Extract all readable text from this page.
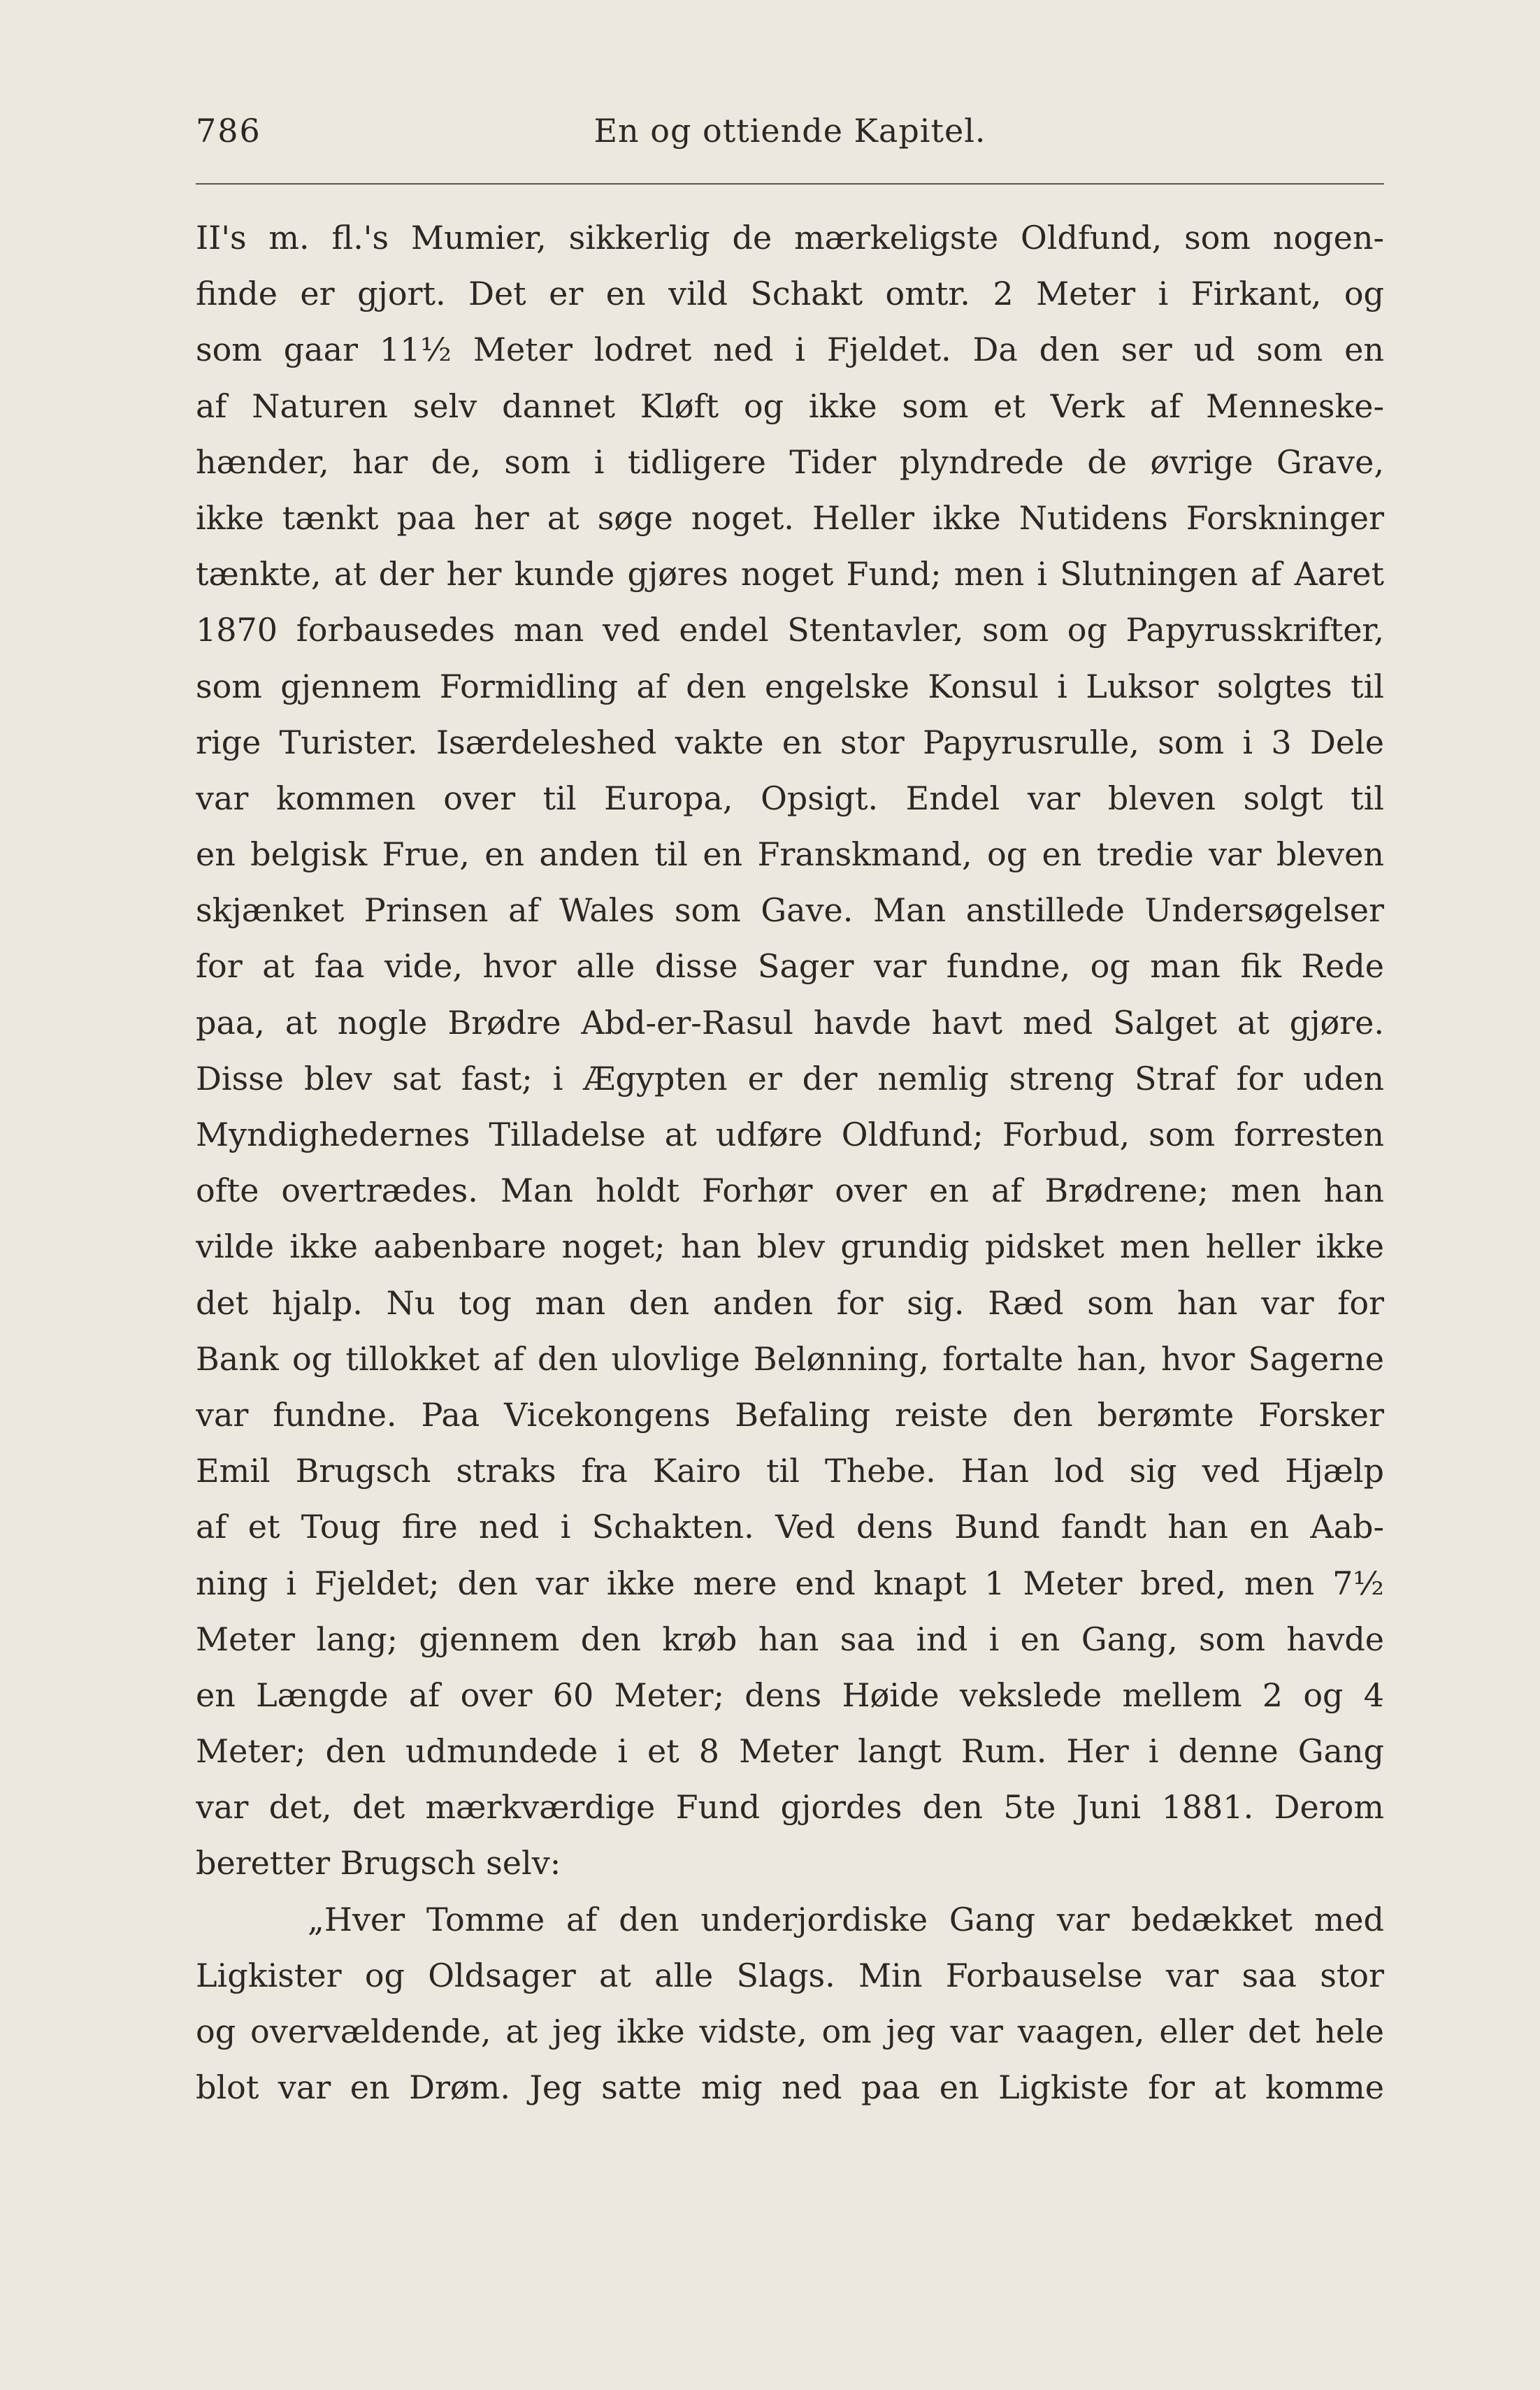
786	En og ottiende Kapitel.
II's m. fl.'s Mumier, sikkerlig de mærkeligste Oldfund, som nogen-
finde er gjort. Det er en vild Schakt omtr. 2 Meter i Firkant, og
som gaar 11½ Meter lodret ned i Fjeldet. Da den ser ud som en
af Naturen selv dannet Kløft og ikke som et Verk af Menneske-
hænder, har de, som i tidligere Tider plyndrede de øvrige Grave,
ikke tænkt paa her at søge noget. Heller ikke Nutidens Forskninger
tænkte, at der her kunde gjøres noget Fund; men i Slutningen af Aaret
1870 forbausedes man ved endel Stentavler, som og Papyrusskrifter,
som gjennem Formidling af den engelske Konsul i Luksor solgtes til
rige Turister. Isærdeleshed vakte en stor Papyrusrulle, som i 3 Dele
var kommen over til Europa, Opsigt. Endel var bleven solgt til
en belgisk Frue, en anden til en Franskmand, og en tredie var bleven
skjænket Prinsen af Wales som Gave. Man anstillede Undersøgelser
for at faa vide, hvor alle disse Sager var fundne, og man fik Rede
paa, at nogle Brødre Abd-er-Rasul havde havt med Salget at gjøre.
Disse blev sat fast; i Ægypten er der nemlig streng Straf for uden
Myndighedernes Tilladelse at udføre Oldfund; Forbud, som forresten
ofte overtrædes. Man holdt Forhør over en af Brødrene; men han
vilde ikke aabenbare noget; han blev grundig pidsket men heller ikke
det hjalp. Nu tog man den anden for sig. Ræd som han var for
Bank og tillokket af den ulovlige Belønning, fortalte han, hvor Sagerne
var fundne. Paa Vicekongens Befaling reiste den berømte Forsker
Emil Brugsch straks fra Kairo til Thebe. Han lod sig ved Hjælp
af et Toug fire ned i Schakten. Ved dens Bund fandt han en Aab-
ning i Fjeldet; den var ikke mere end knapt 1 Meter bred, men 7½
Meter lang; gjennem den krøb han saa ind i en Gang, som havde
en Længde af over 60 Meter; dens Høide vekslede mellem 2 og 4
Meter; den udmundede i et 8 Meter langt Rum. Her i denne Gang
var det, det mærkværdige Fund gjordes den 5te Juni 1881. Derom
beretter Brugsch selv:
„Hver Tomme af den underjordiske Gang var bedækket med
Ligkister og Oldsager at alle Slags. Min Forbauselse var saa stor
og overvældende, at jeg ikke vidste, om jeg var vaagen, eller det hele
blot var en Drøm. Jeg satte mig ned paa en Ligkiste for at komme
